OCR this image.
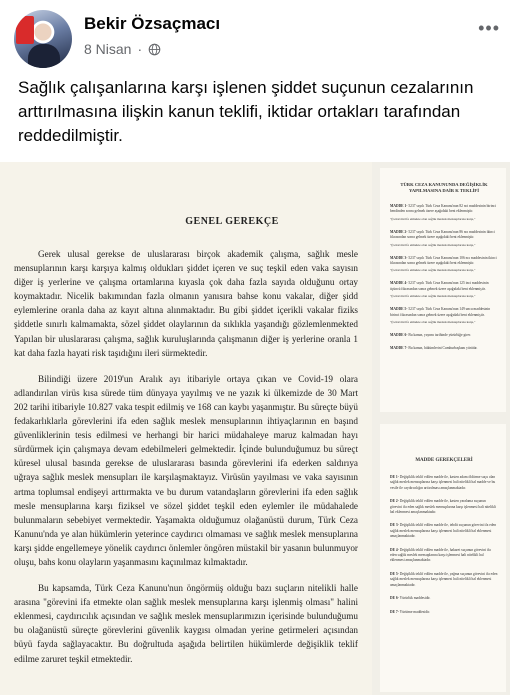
Bekir Özsaçmacı
8 Nisan ·
•••
Sağlık çalışanlarına karşı işlenen şiddet suçunun cezalarının arttırılmasına ilişkin kanun teklifi, iktidar ortakları tarafından reddedilmiştir.
GENEL GEREKÇE

Gerek ulusal gerekse de uluslararası birçok akademik çalışma, sağlık mesle mensuplarının karşı karşıya kalmış oldukları şiddet içeren ve suç teşkil eden vaka sayısın diğer iş yerlerine ve çalışma ortamlarına kıyasla çok daha fazla sayıda olduğunu ortay koymaktadır. Nicelik bakımından fazla olmanın yanısıra bahse konu vakalar, diğer şidd eylemlerine oranla daha az kayıt altına alınmaktadır. Bu gibi şiddet içerikli vakalar fiziks şiddetle sınırlı kalmamakta, sözel şiddet olaylarının da sıklıkla yaşandığı gözlemlenmekted Yapılan bir uluslararası çalışma, sağlık kuruluşlarında çalışmanın diğer iş yerlerine oranla 1 kat daha fazla hayati risk taşıdığını ileri sürmektedir.

Bilindiği üzere 2019'un Aralık ayı itibariyle ortaya çıkan ve Covid-19 olara adlandırılan virüs kısa sürede tüm dünyaya yayılmış ve ne yazık ki ülkemizde de 30 Mart 202 tarihi itibariyle 10.827 vaka tespit edilmiş ve 168 can kaybı yaşanmıştır. Bu süreçte büyü fedakarlıklarla görevlerini ifa eden sağlık meslek mensuplarının ihtiyaçlarının en başınd güvenliklerinin tesis edilmesi ve herhangi bir harici müdahaleye maruz kalmadan hayı sürdürmek için çalışmaya devam edebilmeleri gelmektedir. İçinde bulunduğumuz bu süreçt küresel ulusal basında gerekse de uluslararası basında görevlerini ifa ederken saldırıya uğraya sağlık meslek mensupları ile karşılaşmaktayız. Virüsün yayılması ve vaka sayısının artma toplumsal endişeyi arttırmakta ve bu durum vatandaşların görevlerini ifa eden sağlık mesle mensuplarına karşı fiziksel ve sözel şiddet teşkil eden eylemler ile müdahalede bulunmaların sebebiyet vermektedir. Yaşamakta olduğumuz olağanüstü durum, Türk Ceza Kanunu'nda ye alan hükümlerin yeterince caydırıcı olmaması ve sağlık meslek mensuplarına karşı şidde engellemeye yönelik caydırıcı önlemler öngören müstakil bir yasanın bulunmuyor oluşu, bahs konu olayların yaşanmasını kaçınılmaz kılmaktadır.

Bu kapsamda, Türk Ceza Kanunu'nun öngörmüş olduğu bazı suçların nitelikli halle arasına "görevini ifa etmekte olan sağlık meslek mensuplarına karşı işlenmiş olması" halini eklenmesi, caydırıcılık açısından ve sağlık meslek mensuplarımızın içerisinde bulunduğumu bu olağanüstü süreçte görevlerini güvenlik kaygısı olmadan yerine getirmeleri açısından büyü fayda sağlayacaktır. Bu doğrultuda aşağıda belirtilen hükümlerde değişiklik teklif edilme zaruret teşkil etmektedir.

TÜRK CEZA KANUNUNDA DEĞİŞİKLİK YAPILMASINA DAİR K TEKLİFİ
MADDE 1- 5237 sayılı Türk Ceza Kanunu'nun 82 nci maddesinin birinci bendinden sonra gelmek üzere aşağıdaki bent eklenmiştir.
"(Görevini ifa etmekte olan sağlık meslek mensuplarına karşı,"
MADDE 2- 5237 sayılı Türk Ceza Kanunu'nun 86 ncı maddesinin ikinci fıkrasından sonra gelmek üzere aşağıdaki bent eklenmiştir.
"(Görevini ifa etmekte olan sağlık meslek mensuplarına karşı,"
MADDE 3- 5237 sayılı Türk Ceza Kanunu'nun 106 ncı maddesinin ikinci fıkrasından sonra gelmek üzere aşağıdaki bent eklenmiştir.
"(Görevini ifa etmekte olan sağlık meslek mensuplarına karşı,"
MADDE 4- 5237 sayılı Türk Ceza Kanunu'nun 125 inci maddesinin üçüncü fıkrasından sonra gelmek üzere aşağıdaki bent eklenmiştir.
"(Görevini ifa etmekte olan sağlık meslek mensuplarına karşı,"
MADDE 5- 5237 sayılı Türk Ceza Kanunu'nun 149 uncu maddesinin birinci fıkrasından sonra gelmek üzere aşağıdaki bent eklenmiştir.
"(Görevini ifa etmekte olan sağlık meslek mensuplarına karşı,"
MADDE 6- Bu kanun, yayımı tarihinde yürürlüğe girer.
MADDE 7- Bu kanun, hükümlerini Cumhurbaşkanı yürütür.
MADDE GEREKÇELERİ
DE 1- Değişiklik teklif edilen madde ile, kasten adam öldürme suçu olan sağlık meslek mensuplarına karşı işlenmesi hali nitelikli hal madde ve bu vesile ile caydırıcılığın arttırılması amaçlanmaktadır.
DE 2- Değişiklik teklif edilen madde ile, kasten yaralama suçunun görevini ifa eden sağlık meslek mensuplarına karşı işlenmesi hali nitelikli hal eklenmesi amaçlanmaktadır.
DE 3- Değişiklik teklif edilen madde ile, tehdit suçunun görevini ifa eden sağlık meslek mensuplarına karşı işlenmesi hali nitelikli hal eklenmesi amaçlanmaktadır.
DE 4- Değişiklik teklif edilen madde ile, hakaret suçunun görevini ifa eden sağlık meslek mensuplarına karşı işlenmesi hali nitelikli hal eklenmesi amaçlanmaktadır.
DE 5- Değişiklik teklif edilen madde ile, yağma suçunun görevini ifa eden sağlık meslek mensuplarına karşı işlenmesi hali nitelikli hal eklenmesi amaçlanmaktadır.
DE 6- Yürürlük maddesidir.
DE 7- Yürütme maddesidir.
